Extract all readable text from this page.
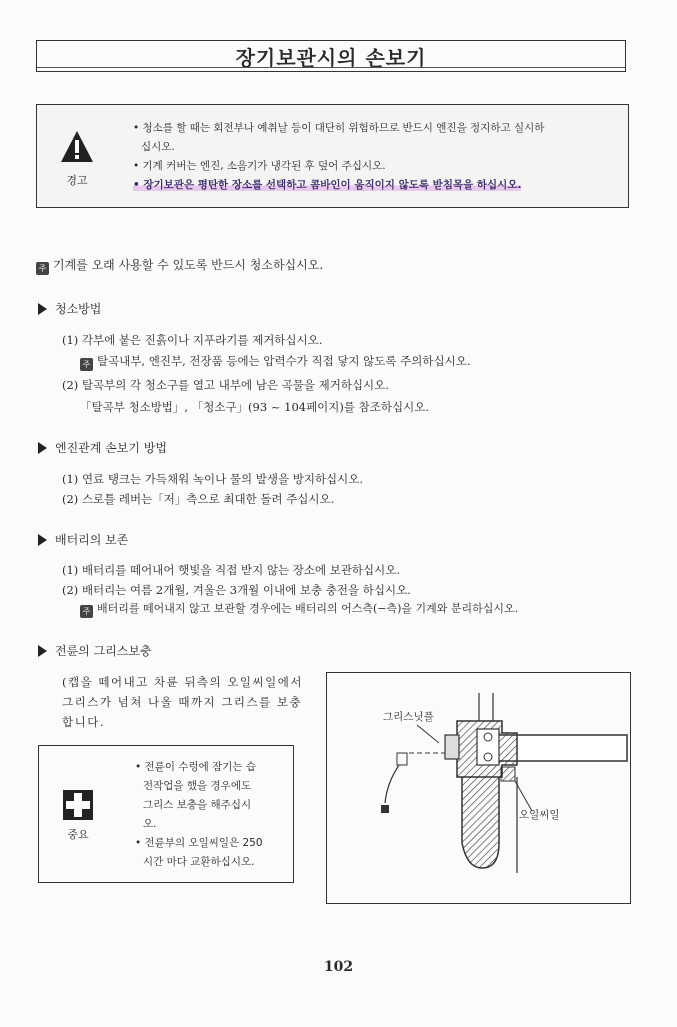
장기보관시의 손보기
경고

• 청소를 할 때는 회전부나 예취날 등이 대단히 위험하므로 반드시 엔진을 정지하고 실시하

십시오.

• 기계 커버는 엔진, 소음기가 냉각된 후 덮어 주십시오.

• 장기보관은 평탄한 장소를 선택하고 콤바인이 움직이지 않도록 받침목을 하십시오.

주 기계를 오래 사용할 수 있도록 반드시 청소하십시오.
청소방법
(1) 각부에 붙은 진흙이나 지푸라기를 제거하십시오.
주 탈곡내부, 엔진부, 전장품 등에는 압력수가 직접 닿지 않도록 주의하십시오.
(2) 탈곡부의 각 청소구를 열고 내부에 남은 곡물을 제거하십시오.
「탈곡부 청소방법」, 「청소구」(93 ~ 104페이지)를 참조하십시오.
엔진관계 손보기 방법
(1) 연료 탱크는 가득채워 녹이나 물의 발생을 방지하십시오.
(2) 스로틀 레버는「저」측으로 최대한 돌려 주십시오.
배터리의 보존
(1) 배터리를 떼어내어 햇빛을 직접 받지 않는 장소에 보관하십시오.
(2) 배터리는 여름 2개월, 겨울은 3개월 이내에 보충 충전을 하십시오.
주 배터리를 떼어내지 않고 보관할 경우에는 배터리의 어스측(−측)을 기계와 분리하십시오.
전륜의 그리스보충
(캡을 떼어내고 차륜 뒤측의 오일씨일에서
그리스가 넘쳐 나올 때까지 그리스를 보충
합니다.
중요

• 전륜이 수렁에 잠기는 습

전작업을 했을 경우에도

그리스 보충을 해주십시

오.

• 전륜부의 오일씨일은 250

시간 마다 교환하십시오.

그리스닛플
오일씨일
102
